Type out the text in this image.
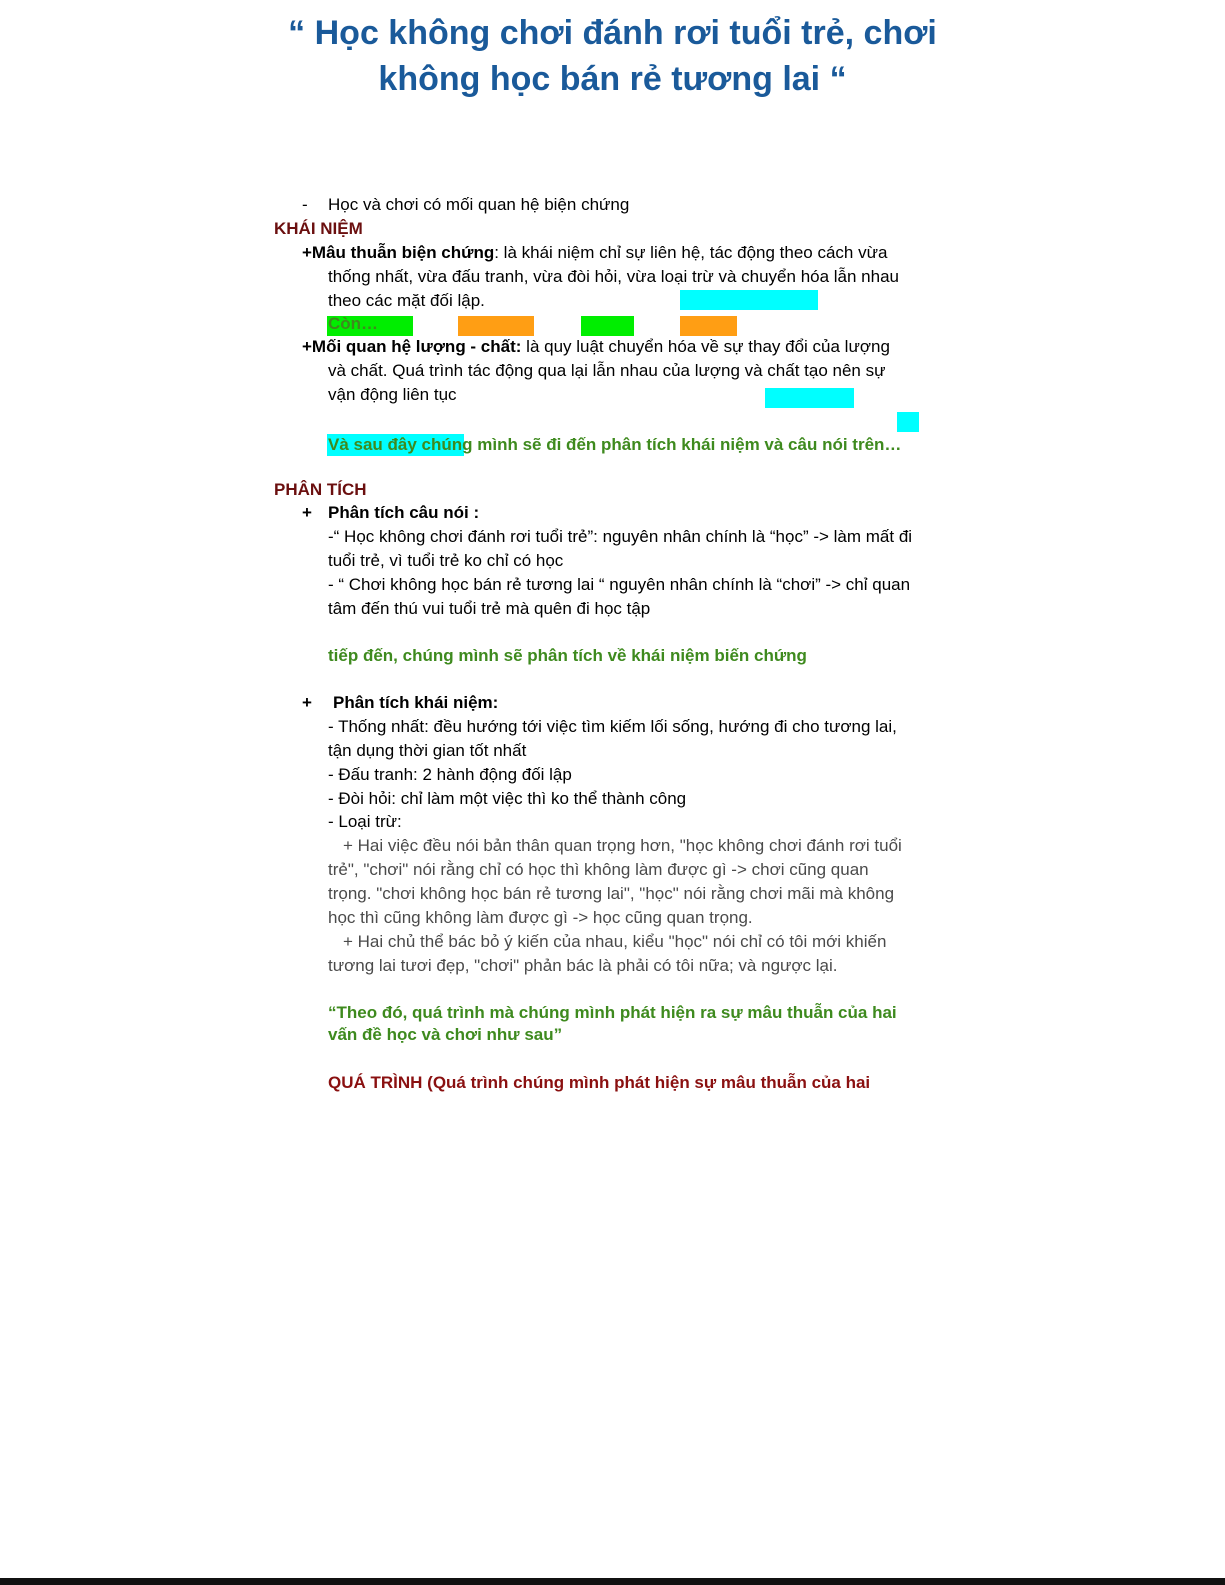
“ Học không chơi đánh rơi tuổi trẻ, chơi
không học bán rẻ tương lai “

- Học và chơi có mối quan hệ biện chứng

KHÁI NIỆM

+Mâu thuẫn biện chứng: là khái niệm chỉ sự liên hệ, tác động theo cách vừa

thống nhất, vừa đấu tranh, vừa đòi hỏi, vừa loại trừ và chuyển hóa lẫn nhau

theo các mặt đối lập.

Còn…

+Mối quan hệ lượng - chất: là quy luật chuyển hóa về sự thay đổi của lượng

và chất. Quá trình tác động qua lại lẫn nhau của lượng và chất tạo nên sự

vận động liên tục

Và sau đây chúng mình sẽ đi đến phân tích khái niệm và câu nói trên…

PHÂN TÍCH

+ Phân tích câu nói :

-“ Học không chơi đánh rơi tuổi trẻ”: nguyên nhân chính là “học” -> làm mất đi

tuổi trẻ, vì tuổi trẻ ko chỉ có học

- “ Chơi không học bán rẻ tương lai “ nguyên nhân chính là “chơi” -> chỉ quan

tâm đến thú vui tuổi trẻ mà quên đi học tập

tiếp đến, chúng mình sẽ phân tích về khái niệm biến chứng

+ Phân tích khái niệm:

- Thống nhất: đều hướng tới việc tìm kiếm lối sống, hướng đi cho tương lai,

tận dụng thời gian tốt nhất

- Đấu tranh: 2 hành động đối lập

- Đòi hỏi: chỉ làm một việc thì ko thể thành công

- Loại trừ:

+ Hai việc đều nói bản thân quan trọng hơn, "học không chơi đánh rơi tuổi

trẻ", "chơi" nói rằng chỉ có học thì không làm được gì -> chơi cũng quan

trọng. "chơi không học bán rẻ tương lai", "học" nói rằng chơi mãi mà không

học thì cũng không làm được gì -> học cũng quan trọng.

+ Hai chủ thể bác bỏ ý kiến của nhau, kiểu "học" nói chỉ có tôi mới khiến

tương lai tươi đẹp, "chơi" phản bác là phải có tôi nữa; và ngược lại.

“Theo đó, quá trình mà chúng mình phát hiện ra sự mâu thuẫn của hai

vấn đề học và chơi như sau”

QUÁ TRÌNH (Quá trình chúng mình phát hiện sự mâu thuẫn của hai
